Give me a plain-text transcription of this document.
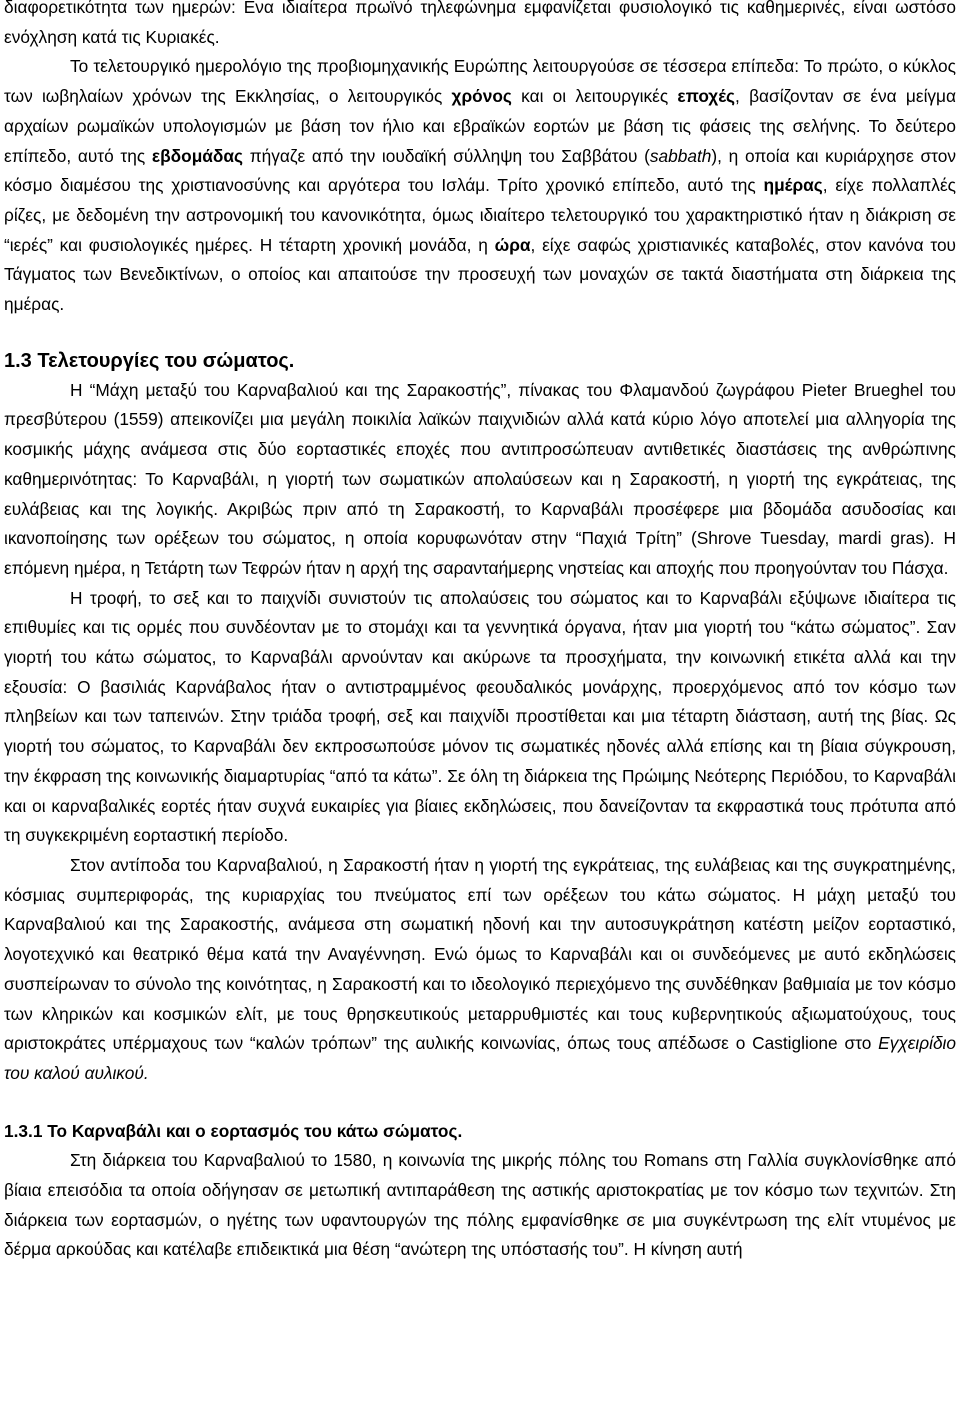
διαφορετικότητα των ημερών: Ενα ιδιαίτερα πρωϊνό τηλεφώνημα εμφανίζεται φυσιολογικό τις καθημερινές, είναι ωστόσο ενόχληση κατά τις Κυριακές.

Το τελετουργικό ημερολόγιο της προβιομηχανικής Ευρώπης λειτουργούσε σε τέσσερα επίπεδα: Το πρώτο, ο κύκλος των ιωβηλαίων χρόνων της Εκκλησίας, ο λειτουργικός χρόνος και οι λειτουργικές εποχές, βασίζονταν σε ένα μείγμα αρχαίων ρωμαϊκών υπολογισμών με βάση τον ήλιο και εβραϊκών εορτών με βάση τις φάσεις της σελήνης. Το δεύτερο επίπεδο, αυτό της εβδομάδας πήγαζε από την ιουδαϊκή σύλληψη του Σαββάτου (sabbath), η οποία και κυριάρχησε στον κόσμο διαμέσου της χριστιανοσύνης και αργότερα του Ισλάμ. Τρίτο χρονικό επίπεδο, αυτό της ημέρας, είχε πολλαπλές ρίζες, με δεδομένη την αστρονομική του κανονικότητα, όμως ιδιαίτερο τελετουργικό του χαρακτηριστικό ήταν η διάκριση σε “ιερές” και φυσιολογικές ημέρες. Η τέταρτη χρονική μονάδα, η ώρα, είχε σαφώς χριστιανικές καταβολές, στον κανόνα του Τάγματος των Βενεδικτίνων, ο οποίος και απαιτούσε την προσευχή των μοναχών σε τακτά διαστήματα στη διάρκεια της ημέρας.

1.3 Τελετουργίες του σώματος.

Η “Μάχη μεταξύ του Καρναβαλιού και της Σαρακοστής”, πίνακας του Φλαμανδού ζωγράφου Pieter Brueghel του πρεσβύτερου (1559) απεικονίζει μια μεγάλη ποικιλία λαϊκών παιχνιδιών αλλά κατά κύριο λόγο αποτελεί μια αλληγορία της κοσμικής μάχης ανάμεσα στις δύο εορταστικές εποχές που αντιπροσώπευαν αντιθετικές διαστάσεις της ανθρώπινης καθημερινότητας: Το Καρναβάλι, η γιορτή των σωματικών απολαύσεων και η Σαρακοστή, η γιορτή της εγκράτειας, της ευλάβειας και της λογικής. Ακριβώς πριν από τη Σαρακοστή, το Καρναβάλι προσέφερε μια βδομάδα ασυδοσίας και ικανοποίησης των ορέξεων του σώματος, η οποία κορυφωνόταν στην “Παχιά Τρίτη” (Shrove Tuesday, mardi gras). Η επόμενη ημέρα, η Τετάρτη των Τεφρών ήταν η αρχή της σαρανταήμερης νηστείας και αποχής που προηγούνταν του Πάσχα.

Η τροφή, το σεξ και το παιχνίδι συνιστούν τις απολαύσεις του σώματος και το Καρναβάλι εξύψωνε ιδιαίτερα τις επιθυμίες και τις ορμές που συνδέονταν με το στομάχι και τα γεννητικά όργανα, ήταν μια γιορτή του “κάτω σώματος”. Σαν γιορτή του κάτω σώματος, το Καρναβάλι αρνούνταν και ακύρωνε τα προσχήματα, την κοινωνική ετικέτα αλλά και την εξουσία: Ο βασιλιάς Καρνάβαλος ήταν ο αντιστραμμένος φεουδαλικός μονάρχης, προερχόμενος από τον κόσμο των πληβείων και των ταπεινών. Στην τριάδα τροφή, σεξ και παιχνίδι προστίθεται και μια τέταρτη διάσταση, αυτή της βίας. Ως γιορτή του σώματος, το Καρναβάλι δεν εκπροσωπούσε μόνον τις σωματικές ηδονές αλλά επίσης και τη βίαια σύγκρουση, την έκφραση της κοινωνικής διαμαρτυρίας “από τα κάτω”. Σε όλη τη διάρκεια της Πρώιμης Νεότερης Περιόδου, το Καρναβάλι και οι καρναβαλικές εορτές ήταν συχνά ευκαιρίες για βίαιες εκδηλώσεις, που δανείζονταν τα εκφραστικά τους πρότυπα από τη συγκεκριμένη εορταστική περίοδο.

Στον αντίποδα του Καρναβαλιού, η Σαρακοστή ήταν η γιορτή της εγκράτειας, της ευλάβειας και της συγκρατημένης, κόσμιας συμπεριφοράς, της κυριαρχίας του πνεύματος επί των ορέξεων του κάτω σώματος. Η μάχη μεταξύ του Καρναβαλιού και της Σαρακοστής, ανάμεσα στη σωματική ηδονή και την αυτοσυγκράτηση κατέστη μείζον εορταστικό, λογοτεχνικό και θεατρικό θέμα κατά την Αναγέννηση. Ενώ όμως το Καρναβάλι και οι συνδεόμενες με αυτό εκδηλώσεις συσπείρωναν το σύνολο της κοινότητας, η Σαρακοστή και το ιδεολογικό περιεχόμενο της συνδέθηκαν βαθμιαία με τον κόσμο των κληρικών και κοσμικών ελίτ, με τους θρησκευτικούς μεταρρυθμιστές και τους κυβερνητικούς αξιωματούχους, τους αριστοκράτες υπέρμαχους των “καλών τρόπων” της αυλικής κοινωνίας, όπως τους απέδωσε ο Castiglione στο Εγχειρίδιο του καλού αυλικού.

1.3.1 Το Καρναβάλι και ο εορτασμός του κάτω σώματος.

Στη διάρκεια του Καρναβαλιού το 1580, η κοινωνία της μικρής πόλης του Romans στη Γαλλία συγκλονίσθηκε από βίαια επεισόδια τα οποία οδήγησαν σε μετωπική αντιπαράθεση της αστικής αριστοκρατίας με τον κόσμο των τεχνιτών. Στη διάρκεια των εορτασμών, ο ηγέτης των υφαντουργών της πόλης εμφανίσθηκε σε μια συγκέντρωση της ελίτ ντυμένος με δέρμα αρκούδας και κατέλαβε επιδεικτικά μια θέση “ανώτερη της υπόστασής του”. Η κίνηση αυτή
